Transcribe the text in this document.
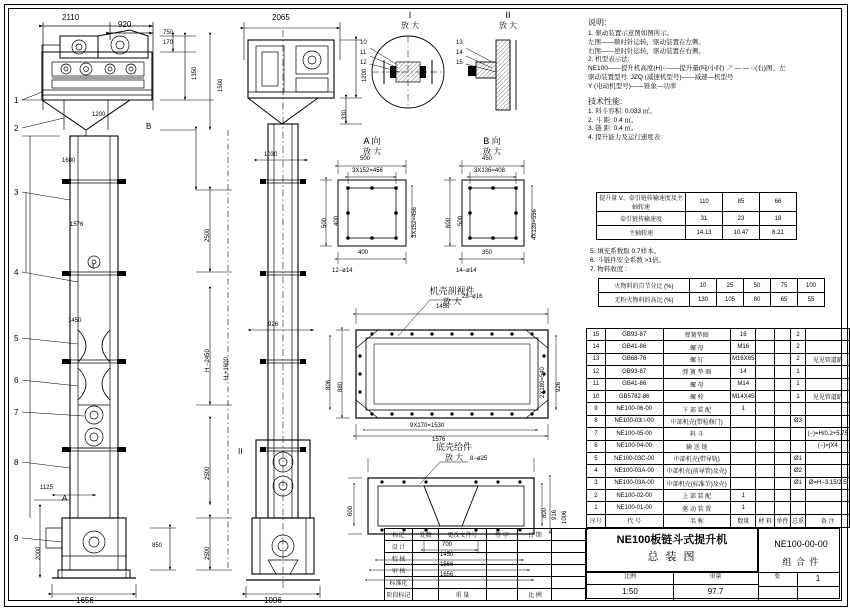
2110
920
170
750
1350
1500
1200
B
1680
2500
1576
H −2450 H +1600
1450
2500
2500
1125
2000
850
1656
I
II
A
1
2
3
4
5
6
7
8
9
2065
1200
330
1030
926
1006
I
放 大
II
放 大
10
11
12
13
14
15
A 向
放 大
500
3X152=456
500 400	3X152=456
400
12−ø14
B 向
放 大
450
3X136=408
600 500	4X139=556
350
14−ø14
机壳剖视件
放 大
1456
880
806	926
28−ø16
9X170=1530
1576
2X180=540
底壳给件
放 大	8−ø25
600	800 916 1006
700
1450
1566
1656
说明:
1. 驱动装置示意图如图所示。
左图——顺时针运转，驱动装置在左侧。
右图——逆时针运转，驱动装置在右侧。
2. 机型表示法:
NE100——提升机高度(H)○——提升量(吨/小时) ↗ — — ○(右)图、左
驱动装置型号: JZQ (减速机型号)——减速—机型号
Y (电动机型号)——锥象—功率
技术性能:
1. 料斗容积: 0.033 ㎥。
2. 斗 距: 0.4 ㎡。
3. 链 距: 0.4 ㎡。
4. 提升能力及运行速度表:
提升量 V、牵引链传输速度及主轴转速	110	85	66
牵引链传输速度	31	23	18
主轴转速	14.13	10.47	8.21
5. 填充系数取 0.7样本。
6. 斗链件安全系数 >1倍。
7. 物料收度 :
火物料的自节分比 (%)	10	25	50	75	100
无粉火物料的高比 (%)	130	105	80	65	55
15	GB93-87	弹簧垫圈	16			2	
14	GB41-86	螺 母	M16			2	
13	GB68-76	螺 钉	M16X65			2	见见管道路
12	GB93-87	弹 簧 垫 圈	14			1	
11	GB41-86	螺 母	M14			1	
10	GB5782-86	螺 栓	M14X45			1	见见管道路
9	NE100-06-00	下 部 装 配	1				
8	NE100-03□-00	中部机壳(带检修门)				Ø3	
7	NE100-05-00	料 斗					(−)=H/0.2+5.75
6	NE100-04-00	输 送 链					(−)=∫X4
5	NE100-03C-00	中部机壳(带导轨)				Ø1	
4	NE100-03A-00	中部机壳(前导管)及壳)				Ø2	
3	NE100-03A-00	中部机壳(标准节)及壳)				Ø1	Ø=H−3.15/2.5
2	NE100-02-00	上 部 装 配	1				
1	NE100-01-00	驱 动 装 置	1				
序号	代 号	名 称	数量	材 料	单件	总重	备 注
NE100板链斗式提升机
总 装 图
NE100-00-00
组 合 件
比例	重量
1:50	97.7
张	1
标记	处数	更改文件号	签 字	日 期	
设 计					
校 核					
审 核					
标准化					
阶段标记		重 量		比 例	
